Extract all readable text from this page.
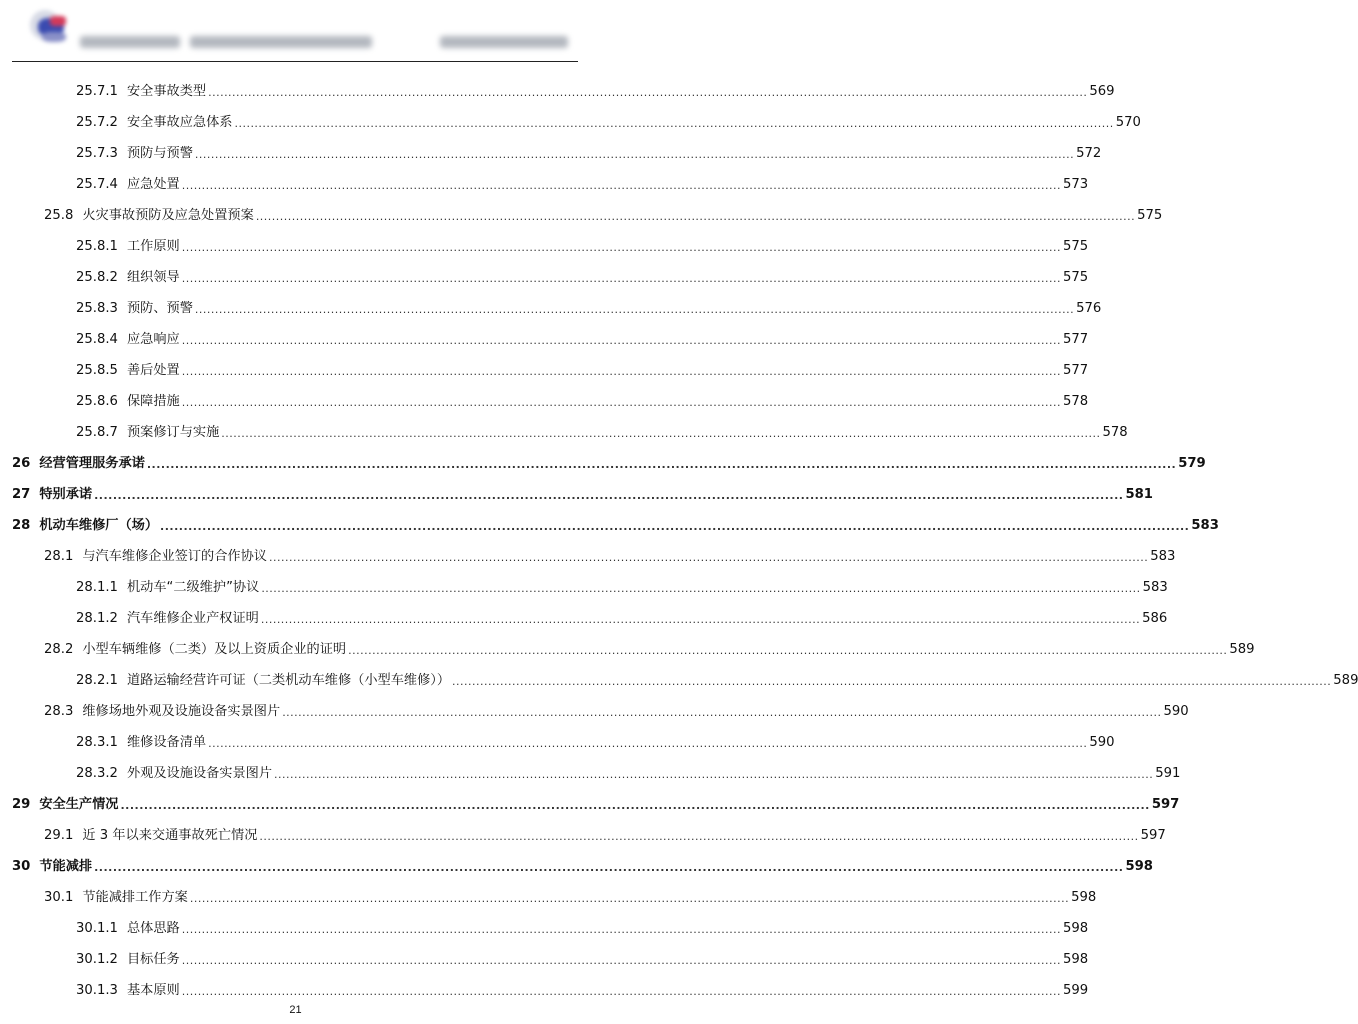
25.7.1 安全事故类型 ............................................................................................................................................................................................................................ 569
25.7.2 安全事故应急体系 ............................................................................................................................................................................................................................ 570
25.7.3 预防与预警 ............................................................................................................................................................................................................................ 572
25.7.4 应急处置 ............................................................................................................................................................................................................................ 573
25.8 火灾事故预防及应急处置预案 ............................................................................................................................................................................................................................ 575
25.8.1 工作原则 ............................................................................................................................................................................................................................ 575
25.8.2 组织领导 ............................................................................................................................................................................................................................ 575
25.8.3 预防、预警 ............................................................................................................................................................................................................................ 576
25.8.4 应急响应 ............................................................................................................................................................................................................................ 577
25.8.5 善后处置 ............................................................................................................................................................................................................................ 577
25.8.6 保障措施 ............................................................................................................................................................................................................................ 578
25.8.7 预案修订与实施 ............................................................................................................................................................................................................................ 578
26 经营管理服务承诺 ............................................................................................................................................................................................................................ 579
27 特别承诺 ............................................................................................................................................................................................................................ 581
28 机动车维修厂（场） ............................................................................................................................................................................................................................ 583
28.1 与汽车维修企业签订的合作协议 ............................................................................................................................................................................................................................ 583
28.1.1 机动车“二级维护”协议 ............................................................................................................................................................................................................................ 583
28.1.2 汽车维修企业产权证明 ............................................................................................................................................................................................................................ 586
28.2 小型车辆维修（二类）及以上资质企业的证明 ............................................................................................................................................................................................................................ 589
28.2.1 道路运输经营许可证（二类机动车维修（小型车维修）） ............................................................................................................................................................................................................................ 589
28.3 维修场地外观及设施设备实景图片 ............................................................................................................................................................................................................................ 590
28.3.1 维修设备清单 ............................................................................................................................................................................................................................ 590
28.3.2 外观及设施设备实景图片 ............................................................................................................................................................................................................................ 591
29 安全生产情况 ............................................................................................................................................................................................................................ 597
29.1 近 3 年以来交通事故死亡情况 ............................................................................................................................................................................................................................ 597
30 节能减排 ............................................................................................................................................................................................................................ 598
30.1 节能减排工作方案 ............................................................................................................................................................................................................................ 598
30.1.1 总体思路 ............................................................................................................................................................................................................................ 598
30.1.2 目标任务 ............................................................................................................................................................................................................................ 598
30.1.3 基本原则 ............................................................................................................................................................................................................................ 599
21
